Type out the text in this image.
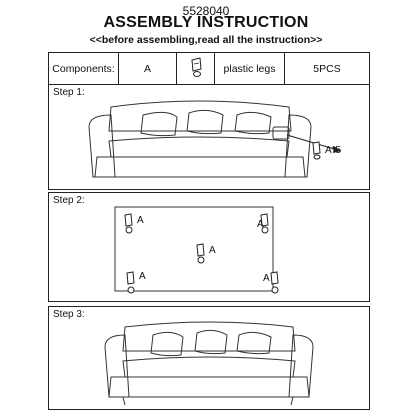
5528040
ASSEMBLY INSTRUCTION
<<before assembling,read all the instruction>>
Components:	A	plastic legs	5PCS
Step 1:
A*5
Step 2:
A	A
A
A	A
Step 3:
